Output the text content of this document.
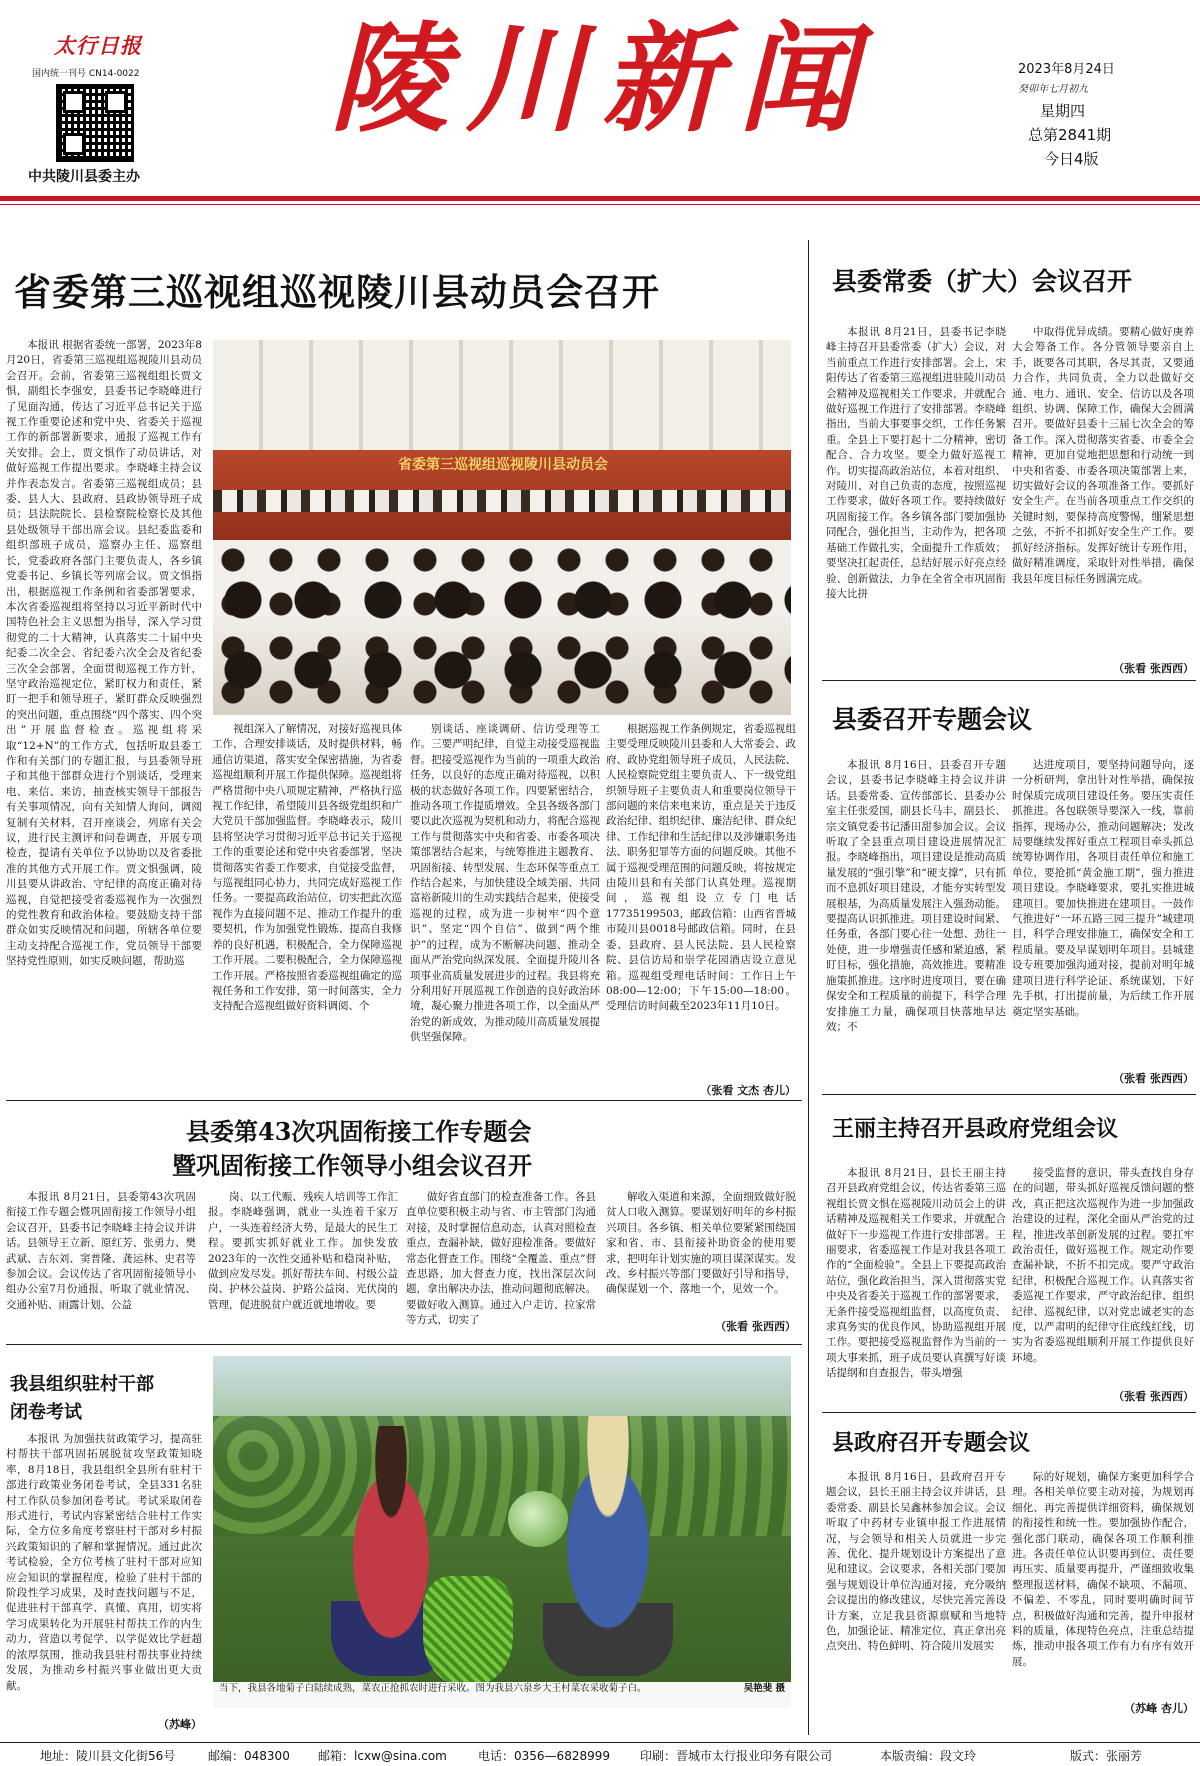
太行日报
国内统一刊号 CN14-0022
中共陵川县委主办
陵川新闻	2023年8月24日
癸卯年七月初九
星期四
总第2841期
今日4版
省委第三巡视组巡视陵川县动员会召开

本报讯 根据省委统一部署，2023年8月20日，省委第三巡视组巡视陵川县动员会召开。会前，省委第三巡视组组长贾文惧，副组长李强安，县委书记李晓峰进行了见面沟通，传达了习近平总书记关于巡视工作重要论述和党中央、省委关于巡视工作的新部署新要求，通报了巡视工作有关安排。会上，贾文惧作了动员讲话，对做好巡视工作提出要求。李晓峰主持会议并作表态发言。省委第三巡视组成员；县委、县人大、县政府、县政协领导班子成员；县法院院长、县检察院检察长及其他县处级领导干部出席会议。县纪委监委和组织部班子成员，巡察办主任、巡察组长，党委政府各部门主要负责人，各乡镇党委书记、乡镇长等列席会议。贾文惧指出，根据巡视工作条例和省委部署要求，本次省委巡视组将坚持以习近平新时代中国特色社会主义思想为指导，深入学习贯彻党的二十大精神，认真落实二十届中央纪委二次全会、省纪委六次全会及省纪委三次全会部署，全面贯彻巡视工作方针，坚守政治巡视定位，紧盯权力和责任，紧盯一把手和领导班子，紧盯群众反映强烈的突出问题，重点围绕“四个落实、四个突出”开展监督检查。巡视组将采取“12+N”的工作方式，包括听取县委工作和有关部门的专题汇报，与县委领导班子和其他干部群众进行个别谈话，受理来电、来信、来访，抽查核实领导干部报告有关事项情况，向有关知情人询问，调阅复制有关材料，召开座谈会，列席有关会议，进行民主测评和问卷调查，开展专项检查，提请有关单位予以协助以及省委批准的其他方式开展工作。贾文惧强调，陵川县要从讲政治、守纪律的高度正确对待巡视，自觉把接受省委巡视作为一次强烈的党性教育和政治体检。要鼓励支持干部群众如实反映情况和问题，所辖各单位要主动支持配合巡视工作，党员领导干部要坚持党性原则，如实反映问题，帮助巡

省委第三巡视组巡视陵川县动员会

视组深入了解情况，对接好巡视具体工作，合理安排谈话，及时提供材料，畅通信访渠道，落实安全保密措施，为省委巡视组顺利开展工作提供保障。巡视组将严格贯彻中央八项规定精神，严格执行巡视工作纪律，希望陵川县各级党组织和广大党员干部加强监督。李晓峰表示，陵川县将坚决学习贯彻习近平总书记关于巡视工作的重要论述和党中央省委部署，坚决贯彻落实省委工作要求，自觉接受监督，与巡视组同心协力，共同完成好巡视工作任务。一要提高政治站位，切实把此次巡视作为直接问题不足、推动工作提升的重要契机，作为加强党性锻炼、提高自我修养的良好机遇，积极配合，全力保障巡视工作开展。二要积极配合，全力保障巡视工作开展。严格按照省委巡视组确定的巡视任务和工作安排，第一时间落实，全力支持配合巡视组做好资料调阅、个

别谈话、座谈调研、信访受理等工作。三要严明纪律，自觉主动接受巡视监督。把接受巡视作为当前的一项重大政治任务，以良好的态度正确对待巡视，以积极的状态做好各项工作。四要紧密结合，推动各项工作提质增效。全县各级各部门要以此次巡视为契机和动力，将配合巡视工作与贯彻落实中央和省委、市委各项决策部署结合起来，与统筹推进主题教育、巩固衔接、转型发展、生态环保等重点工作结合起来，与加快建设全域美丽、共同富裕新陵川的生动实践结合起来，使接受巡视的过程，成为进一步树牢“四个意识”、坚定“四个自信”、做到“两个维护”的过程，成为不断解决问题、推动全面从严治党向纵深发展、全面提升陵川各项事业高质量发展进步的过程。我县将充分利用好开展巡视工作创造的良好政治环境，凝心聚力推进各项工作，以全面从严治党的新成效，为推动陵川高质量发展提供坚强保障。

根据巡视工作条例规定，省委巡视组主要受理反映陵川县委和人大常委会、政府、政协党组领导班子成员，人民法院、人民检察院党组主要负责人、下一级党组织领导班子主要负责人和重要岗位领导干部问题的来信来电来访，重点是关于违反政治纪律、组织纪律、廉洁纪律、群众纪律、工作纪律和生活纪律以及涉嫌职务违法、职务犯罪等方面的问题反映。其他不属于巡视受理范围的问题反映，将按规定由陵川县和有关部门认真处理。巡视期间，巡视组设立专门电话17735199503，邮政信箱：山西省晋城市陵川县0018号邮政信箱。同时，在县委、县政府、县人民法院、县人民检察院、县信访局和崇学花园酒店设立意见箱。巡视组受理电话时间：工作日上午08:00—12:00；下午15:00—18:00。受理信访时间截至2023年11月10日。

（张看 文杰 杏儿）
县委常委（扩大）会议召开

本报讯 8月21日，县委书记李晓峰主持召开县委常委（扩大）会议，对当前重点工作进行安排部署。会上，宋阳传达了省委第三巡视组进驻陵川动员会精神及巡视相关工作要求，并就配合做好巡视工作进行了安排部署。李晓峰指出，当前大事要事交织，工作任务繁重。全县上下要打起十二分精神，密切配合、合力攻坚。要全力做好巡视工作。切实提高政治站位，本着对组织、对陵川、对自己负责的态度，按照巡视工作要求，做好各项工作。要持续做好巩固衔接工作。各乡镇各部门要加强协同配合，强化担当，主动作为，把各项基础工作做扎实，全面提升工作质效；要坚决扛起责任，总结好展示好亮点经验、创新做法，力争在全省全市巩固衔接大比拼

中取得优异成绩。要精心做好庚养大会筹备工作。各分管领导要亲自上手，既要各司其职，各尽其责，又要通力合作，共同负责，全力以赴做好交通、电力、通讯、安全、信访以及各项组织、协调、保障工作，确保大会圆满召开。要做好县委十三届七次全会的筹备工作。深入贯彻落实省委、市委全会精神，更加自觉地把思想和行动统一到中央和省委、市委各项决策部署上来，切实做好会议的各项准备工作。要抓好安全生产。在当前各项重点工作交织的关键时刻，要保持高度警惕，绷紧思想之弦，不折不扣抓好安全生产工作。要抓好经济指标。发挥好统计专班作用，做好精准调度，采取针对性举措，确保我县年度目标任务圆满完成。

（张看 张西西）
县委召开专题会议

本报讯 8月16日，县委召开专题会议，县委书记李晓峰主持会议并讲话。县委常委、宣传部部长、县委办公室主任张爱国，副县长马丰，副县长、宗文镇党委书记潘田甜参加会议。会议听取了全县重点项目建设进展情况汇报。李晓峰指出，项目建设是推动高质量发展的“强引擎”和“硬支撑”，只有抓而不息抓好项目建设，才能夯实转型发展根基，为高质量发展注入强劲动能。要提高认识抓推进。项目建设时间紧、任务重，各部门要心往一处想、劲往一处使，进一步增强责任感和紧迫感，紧盯目标，强化措施，高效推进。要精准施策抓推进。这序时进度项目，要在确保安全和工程质量的前提下，科学合理安排施工力量，确保项目快落地早达效；不

达进度项目，要坚持问题导向，逐一分析研判，拿出针对性举措，确保按时保质完成项目建设任务。要压实责任抓推进。各包联领导要深入一线，靠前指挥，现场办公，推动问题解决；发改局要继续发挥好重点工程项目牵头抓总统筹协调作用，各项目责任单位和施工单位，要抢抓“黄金施工期”，强力推进项目建设。李晓峰要求，要扎实推进城建项目。要加快推进在建项目。一鼓作气推进好“一环五路三园三提升”城建项目，科学合理安排施工，确保安全和工程质量。要及早谋划明年项目。县城建设专班要加强沟通对接，提前对明年城建项目进行科学论证、系统谋划，下好先手棋，打出提前量，为后续工作开展奠定坚实基础。

（张看 张西西）
县委第43次巩固衔接工作专题会
暨巩固衔接工作领导小组会议召开

本报讯 8月21日，县委第43次巩固衔接工作专题会暨巩固衔接工作领导小组会议召开，县委书记李晓峰主持会议并讲话。县领导王立新、原红芳、张勇力、樊武斌、吉东刘、窦普隆、龚运林、史君等参加会议。会议传达了省巩固衔接领导小组办公室7月份通报，听取了就业情况、交通补贴、雨露计划、公益

岗、以工代赈、残疾人培训等工作汇报。李晓峰强调，就业一头连着千家万户，一头连着经济大势，是最大的民生工程。要抓实抓好就业工作。加快发放2023年的一次性交通补贴和稳岗补贴，做到应发尽发。抓好帮扶车间、村级公益岗、护林公益岗、护路公益岗、光伏岗的管理，促进脱贫户就近就地增收。要

做好省直部门的检查准备工作。各县直单位要积极主动与省、市主管部门沟通对接，及时掌握信息动态，认真对照检查重点，查漏补缺，做好迎检准备。要做好常态化督查工作。围绕“全覆盖、重点”督查思路，加大督查力度，找出深层次问题，拿出解决办法，推动问题彻底解决。要做好收入测算。通过入户走访、拉家常等方式，切实了

解收入渠道和来源，全面细致做好脱贫人口收入测算。要谋划好明年的乡村振兴项目。各乡镇、相关单位要紧紧围绕国家和省、市、县衔接补助资金的使用要求，把明年计划实施的项目谋深谋实。发改、乡村振兴等部门要做好引导和指导，确保谋划一个、落地一个，见效一个。

（张看 张西西）
我县组织驻村干部
闭卷考试

本报讯 为加强扶贫政策学习，提高驻村帮扶干部巩固拓展脱贫攻坚政策知晓率，8月18日，我县组织全县所有驻村干部进行政策业务闭卷考试，全县331名驻村工作队员参加闭卷考试。考试采取闭卷形式进行，考试内容紧密结合驻村工作实际，全方位多角度考察驻村干部对乡村振兴政策知识的了解和掌握情况。通过此次考试检验，全方位考核了驻村干部对应知应会知识的掌握程度，检验了驻村干部的阶段性学习成果，及时查找问题与不足，促进驻村干部真学、真懂、真用，切实将学习成果转化为开展驻村帮扶工作的内生动力，营造以考促学、以学促效比学赶超的浓厚氛围，推动我县驻村帮扶事业持续发展，为推动乡村振兴事业做出更大贡献。

（苏峰）
当下，我县各地菊子白陆续成熟，菜农正抢抓农时进行采收。图为我县六泉乡大王村菜农采收菊子白。	吴艳斐 摄
王丽主持召开县政府党组会议

本报讯 8月21日，县长王丽主持召开县政府党组会议，传达省委第三巡视组长贾文惧在巡视陵川动员会上的讲话精神及巡视相关工作要求，并就配合做好下一步巡视工作进行安排部署。王丽要求，省委巡视工作是对我县各项工作的“全面检验”。全县上下要提高政治站位，强化政治担当，深入贯彻落实党中央及省委关于巡视工作的部署要求，无条件接受巡视组监督，以高度负责、求真务实的优良作风，协助巡视组开展工作。要把接受巡视监督作为当前的一项大事来抓，班子成员要认真撰写好谈话提纲和自查报告，带头增强

接受监督的意识，带头查找自身存在的问题，带头抓好巡视反馈问题的整改，真正把这次巡视作为进一步加强政治建设的过程，深化全面从严治党的过程，推进改革创新发展的过程。要扛牢政治责任，做好巡视工作。规定动作要查漏补缺，不折不扣完成。要严守政治纪律，积极配合巡视工作。认真落实省委巡视工作要求，严守政治纪律、组织纪律、巡视纪律，以对党忠诚老实的态度，以严肃明的纪律守住底线红线，切实为省委巡视组顺利开展工作提供良好环境。

（张看 张西西）
县政府召开专题会议

本报讯 8月16日，县政府召开专题会议，县长王丽主持会议并讲话，县委常委、副县长吴鑫林参加会议。会议听取了中药材专业镇申报工作进展情况，与会领导和相关人员就进一步完善、优化、提升规划设计方案提出了意见和建议。会议要求，各相关部门要加强与规划设计单位沟通对接，充分吸纳会议提出的修改建议，尽快完善完善设计方案，立足我县资源禀赋和当地特色，加强论证、精准定位，真正拿出亮点突出、特色鲜明、符合陵川发展实

际的好规划，确保方案更加科学合理。各相关单位要主动对接，为规划再细化、再完善提供详细资料，确保规划的衔接性和统一性。要加强协作配合，强化部门联动，确保各项工作顺利推进。各责任单位认识要再到位、责任要再压实、质量要再提升，严谨细致收集整理报送材料，确保不缺项、不漏项、不偏差、不零乱，同时要明确时间节点，积极做好沟通和完善，提升申报材料的质量，体现特色亮点，注重总结提炼，推动申报各项工作有力有序有效开展。

（苏峰 杏儿）
地址：陵川县文化街56号	邮编：048300 邮箱：lcxw@sina.com	电话：0356—6828999	印刷：晋城市太行报业印务有限公司	本版责编：段文玲	版式：张丽芳
